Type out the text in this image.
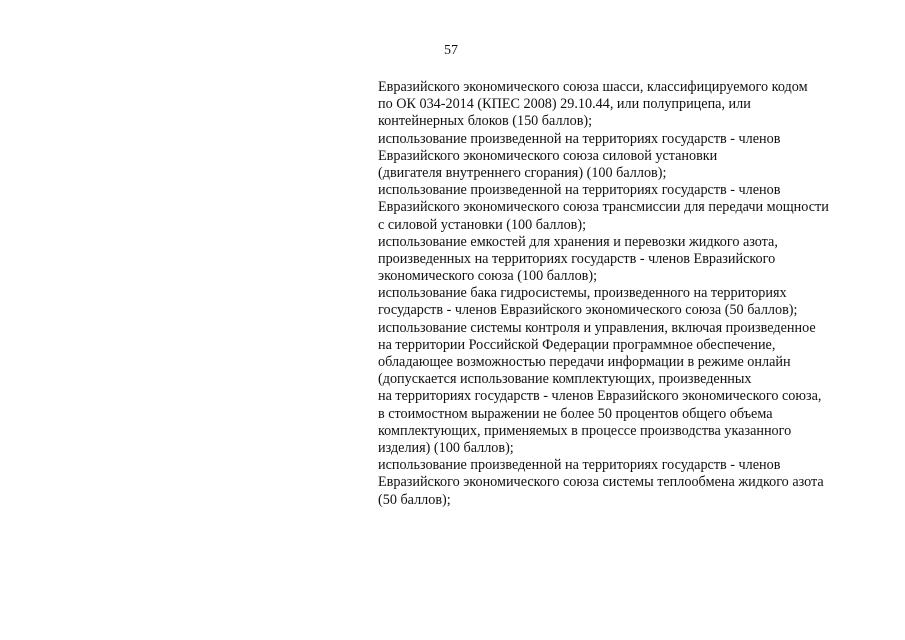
57
Евразийского экономического союза шасси, классифицируемого кодом
по ОК 034-2014 (КПЕС 2008) 29.10.44, или полуприцепа, или
контейнерных блоков (150 баллов);
использование произведенной на территориях государств - членов
Евразийского экономического союза силовой установки
(двигателя внутреннего сгорания) (100 баллов);
использование произведенной на территориях государств - членов
Евразийского экономического союза трансмиссии для передачи мощности
с силовой установки (100 баллов);
использование емкостей для хранения и перевозки жидкого азота,
произведенных на территориях государств - членов Евразийского
экономического союза (100 баллов);
использование бака гидросистемы, произведенного на территориях
государств - членов Евразийского экономического союза (50 баллов);
использование системы контроля и управления, включая произведенное
на территории Российской Федерации программное обеспечение,
обладающее возможностью передачи информации в режиме онлайн
(допускается использование комплектующих, произведенных
на территориях государств - членов Евразийского экономического союза,
в стоимостном выражении не более 50 процентов общего объема
комплектующих, применяемых в процессе производства указанного
изделия) (100 баллов);
использование произведенной на территориях государств - членов
Евразийского экономического союза системы теплообмена жидкого азота
(50 баллов);
